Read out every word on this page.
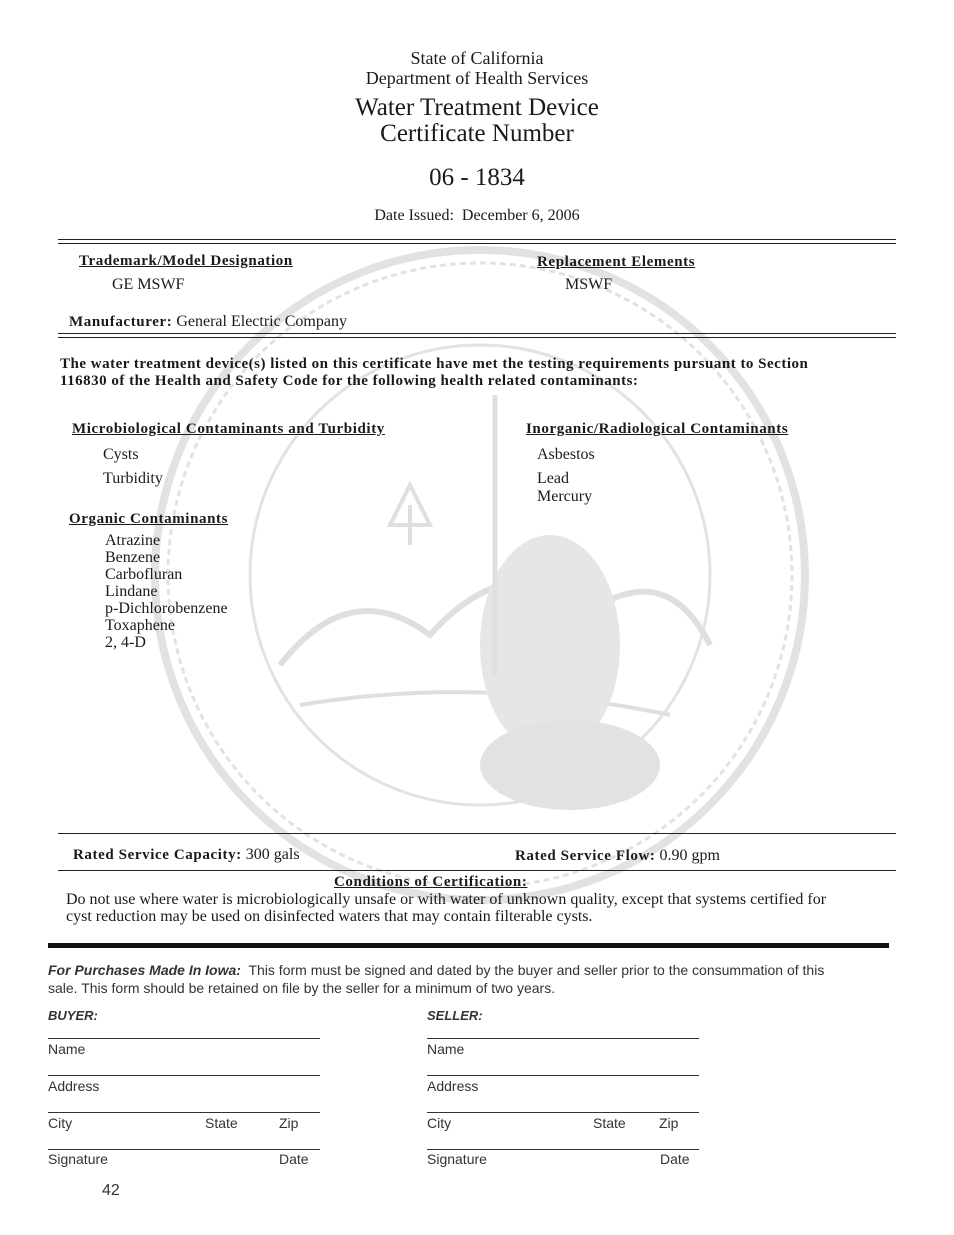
State of California
Department of Health Services
Water Treatment Device
Certificate Number
06 - 1834
Date Issued: December 6, 2006
Trademark/Model Designation
GE MSWF
Replacement Elements
MSWF
Manufacturer: General Electric Company
The water treatment device(s) listed on this certificate have met the testing requirements pursuant to Section
116830 of the Health and Safety Code for the following health related contaminants:
Microbiological Contaminants and Turbidity
Cysts
Turbidity
Inorganic/Radiological Contaminants
Asbestos
Lead
Mercury
Organic Contaminants
Atrazine
Benzene
Carbofluran
Lindane
p-Dichlorobenzene
Toxaphene
2, 4-D
Rated Service Capacity: 300 gals	Rated Service Flow: 0.90 gpm
Conditions of Certification:
Do not use where water is microbiologically unsafe or with water of unknown quality, except that systems certified for
cyst reduction may be used on disinfected waters that may contain filterable cysts.
For Purchases Made In Iowa: This form must be signed and dated by the buyer and seller prior to the consummation of this
sale. This form should be retained on file by the seller for a minimum of two years.
BUYER:
Name
Address
City	State	Zip
Signature	Date
SELLER:
Name
Address
City	State Zip
Signature	Date
42
